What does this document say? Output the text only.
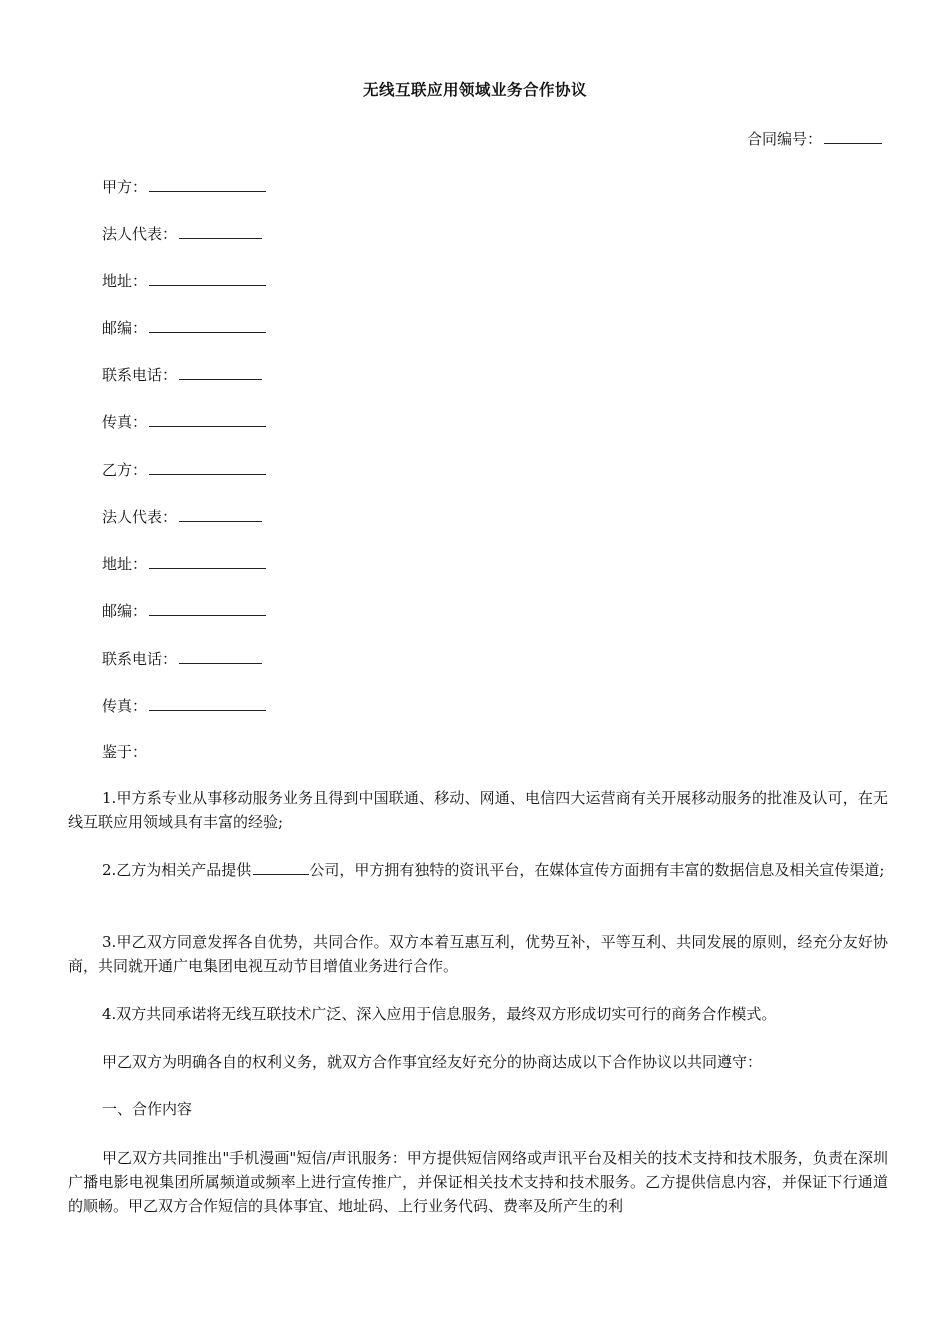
无线互联应用领域业务合作协议
合同编号：
甲方：
法人代表：
地址：
邮编：
联系电话：
传真：
乙方：
法人代表：
地址：
邮编：
联系电话：
传真：
鉴于：
1.甲方系专业从事移动服务业务且得到中国联通、移动、网通、电信四大运营商有关开展移动服务的批准及认可，在无线互联应用领域具有丰富的经验;
2.乙方为相关产品提供	公司，甲方拥有独特的资讯平台，在媒体宣传方面拥有丰富的数据信息及相关宣传渠道;
3.甲乙双方同意发挥各自优势，共同合作。双方本着互惠互利，优势互补，平等互利、共同发展的原则，经充分友好协商，共同就开通广电集团电视互动节目增值业务进行合作。
4.双方共同承诺将无线互联技术广泛、深入应用于信息服务，最终双方形成切实可行的商务合作模式。
甲乙双方为明确各自的权利义务，就双方合作事宜经友好充分的协商达成以下合作协议以共同遵守：
一、合作内容
甲乙双方共同推出"手机漫画"短信/声讯服务：甲方提供短信网络或声讯平台及相关的技术支持和技术服务，负责在深圳广播电影电视集团所属频道或频率上进行宣传推广，并保证相关技术支持和技术服务。乙方提供信息内容，并保证下行通道的顺畅。甲乙双方合作短信的具体事宜、地址码、上行业务代码、费率及所产生的利
